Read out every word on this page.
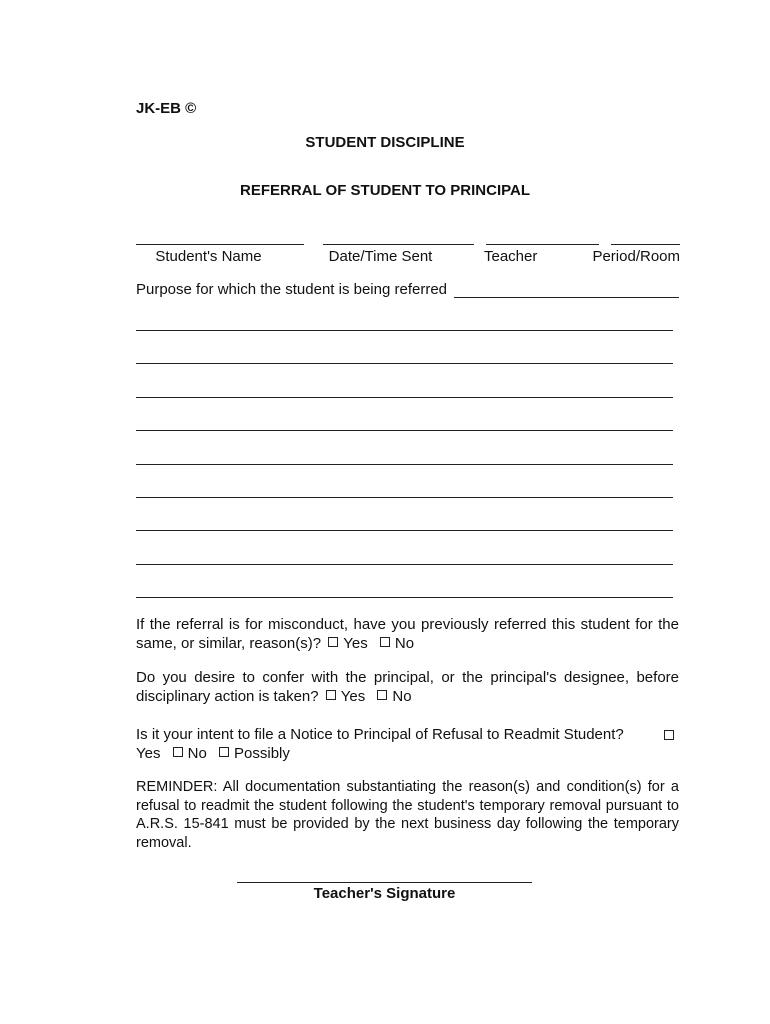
JK-EB ©
STUDENT DISCIPLINE
REFERRAL OF STUDENT TO PRINCIPAL
Student's Name	Date/Time Sent	Teacher	Period/Room
Purpose for which the student is being referred
If the referral is for misconduct, have you previously referred this student for the same, or similar, reason(s)? Yes No
Do you desire to confer with the principal, or the principal's designee, before disciplinary action is taken? Yes No
Is it your intent to file a Notice to Principal of Refusal to Readmit Student?

Yes No Possibly
REMINDER: All documentation substantiating the reason(s) and condition(s) for a refusal to readmit the student following the student's temporary removal pursuant to A.R.S. 15-841 must be provided by the next business day following the temporary removal.
Teacher's Signature
